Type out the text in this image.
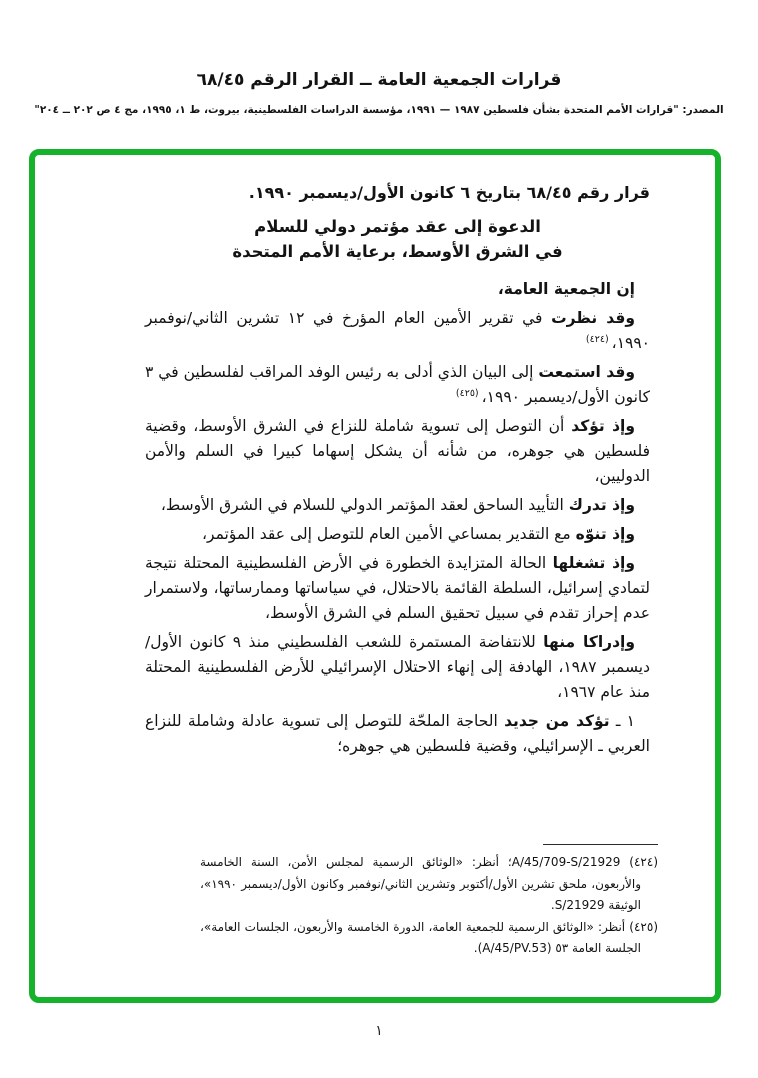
قرارات الجمعية العامة ــ القرار الرقم ٦٨/٤٥
المصدر: "قرارات الأمم المتحدة بشأن فلسطين ١٩٨٧ — ١٩٩١، مؤسسة الدراسات الفلسطينية، بيروت، ط ١، ١٩٩٥، مج ٤ ص ٢٠٢ ــ ٢٠٤"

قرار رقم ٦٨/٤٥ بتاريخ ٦ كانون الأول/ديسمبر ١٩٩٠.

الدعوة إلى عقد مؤتمر دولي للسلام

في الشرق الأوسط، برعاية الأمم المتحدة

إن الجمعية العامة،

وقد نظرت في تقرير الأمين العام المؤرخ في ١٢ تشرين الثاني/نوفمبر ١٩٩٠، $^{(٤٢٤)}$

وقد استمعت إلى البيان الذي أدلى به رئيس الوفد المراقب لفلسطين في ٣ كانون الأول/ديسمبر ١٩٩٠، $^{(٤٢٥)}$

وإذ تؤكد أن التوصل إلى تسوية شاملة للنزاع في الشرق الأوسط، وقضية فلسطين هي جوهره، من شأنه أن يشكل إسهاما كبيرا في السلم والأمن الدوليين،

وإذ تدرك التأييد الساحق لعقد المؤتمر الدولي للسلام في الشرق الأوسط،

وإذ تنوّه مع التقدير بمساعي الأمين العام للتوصل إلى عقد المؤتمر،

وإذ تشغلها الحالة المتزايدة الخطورة في الأرض الفلسطينية المحتلة نتيجة لتمادي إسرائيل، السلطة القائمة بالاحتلال، في سياساتها وممارساتها، ولاستمرار عدم إحراز تقدم في سبيل تحقيق السلم في الشرق الأوسط،

وإدراكا منها للانتفاضة المستمرة للشعب الفلسطيني منذ ٩ كانون الأول/ديسمبر ١٩٨٧، الهادفة إلى إنهاء الاحتلال الإسرائيلي للأرض الفلسطينية المحتلة منذ عام ١٩٦٧،

١ ـ تؤكد من جديد الحاجة الملحّة للتوصل إلى تسوية عادلة وشاملة للنزاع العربي ـ الإسرائيلي، وقضية فلسطين هي جوهره؛

(٤٢٤) A/45/709-S/21929؛ أنظر: «الوثائق الرسمية لمجلس الأمن، السنة الخامسة والأربعون، ملحق تشرين الأول/أكتوبر وتشرين الثاني/نوفمبر وكانون الأول/ديسمبر ١٩٩٠»، الوثيقة S/21929.

(٤٢٥) أنظر: «الوثائق الرسمية للجمعية العامة، الدورة الخامسة والأربعون، الجلسات العامة»، الجلسة العامة ٥٣ (A/45/PV.53).

١
